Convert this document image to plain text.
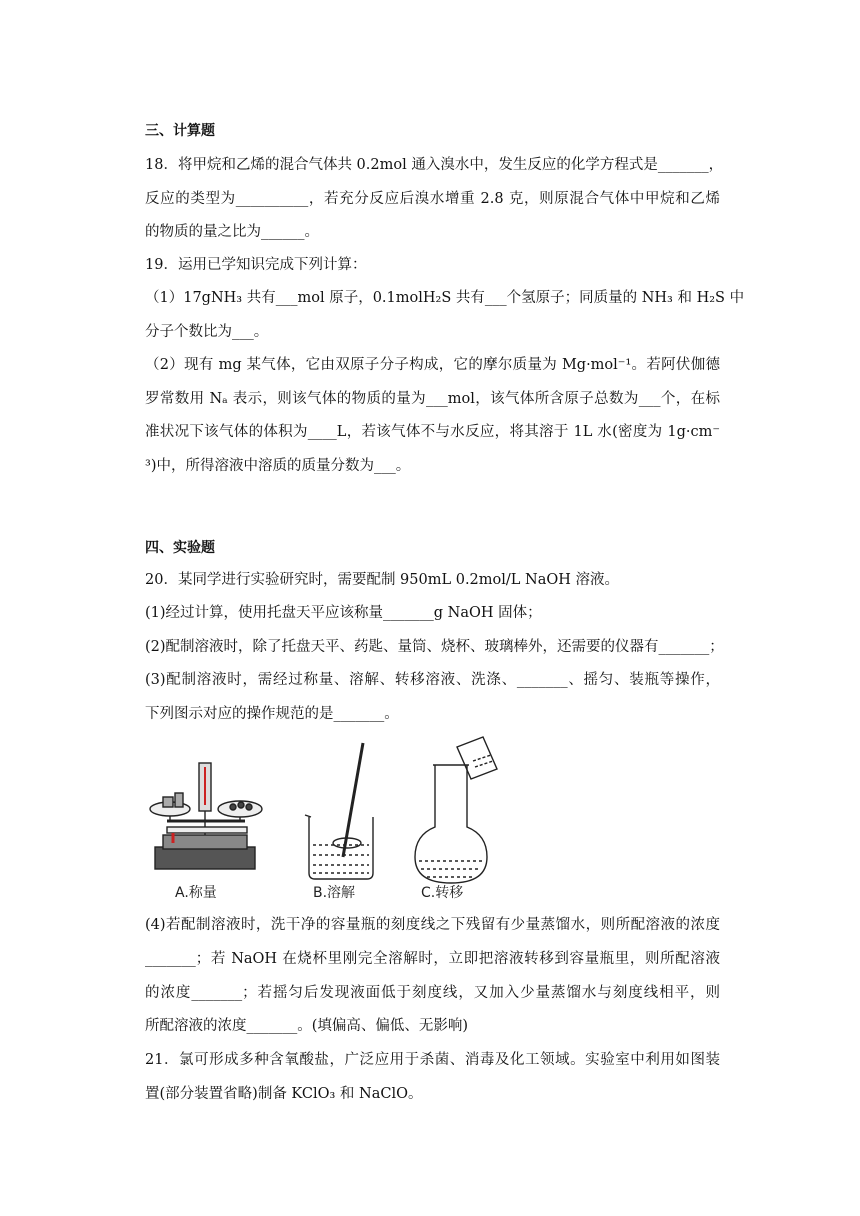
三、计算题
18．将甲烷和乙烯的混合气体共 0.2mol 通入溴水中，发生反应的化学方程式是_______，
反应的类型为__________，若充分反应后溴水增重 2.8 克，则原混合气体中甲烷和乙烯
的物质的量之比为______。
19．运用已学知识完成下列计算：
（1）17gNH₃ 共有___mol 原子，0.1molH₂S 共有___个氢原子；同质量的 NH₃ 和 H₂S 中
分子个数比为___。
（2）现有 mg 某气体，它由双原子分子构成，它的摩尔质量为 Mg·mol⁻¹。若阿伏伽德
罗常数用 Nₐ 表示，则该气体的物质的量为___mol，该气体所含原子总数为___个，在标
准状况下该气体的体积为____L，若该气体不与水反应，将其溶于 1L 水(密度为 1g·cm⁻
³)中，所得溶液中溶质的质量分数为___。
四、实验题
20．某同学进行实验研究时，需要配制 950mL 0.2mol/L NaOH 溶液。
(1)经过计算，使用托盘天平应该称量_______g NaOH 固体；
(2)配制溶液时，除了托盘天平、药匙、量筒、烧杯、玻璃棒外，还需要的仪器有_______；
(3)配制溶液时，需经过称量、溶解、转移溶液、洗涤、_______、摇匀、装瓶等操作，
下列图示对应的操作规范的是_______。
A.称量	B.溶解	C.转移
(4)若配制溶液时，洗干净的容量瓶的刻度线之下残留有少量蒸馏水，则所配溶液的浓度
_______；若 NaOH 在烧杯里刚完全溶解时，立即把溶液转移到容量瓶里，则所配溶液
的浓度_______；若摇匀后发现液面低于刻度线，又加入少量蒸馏水与刻度线相平，则
所配溶液的浓度_______。(填偏高、偏低、无影响)
21．氯可形成多种含氧酸盐，广泛应用于杀菌、消毒及化工领域。实验室中利用如图装
置(部分装置省略)制备 KClO₃ 和 NaClO。
